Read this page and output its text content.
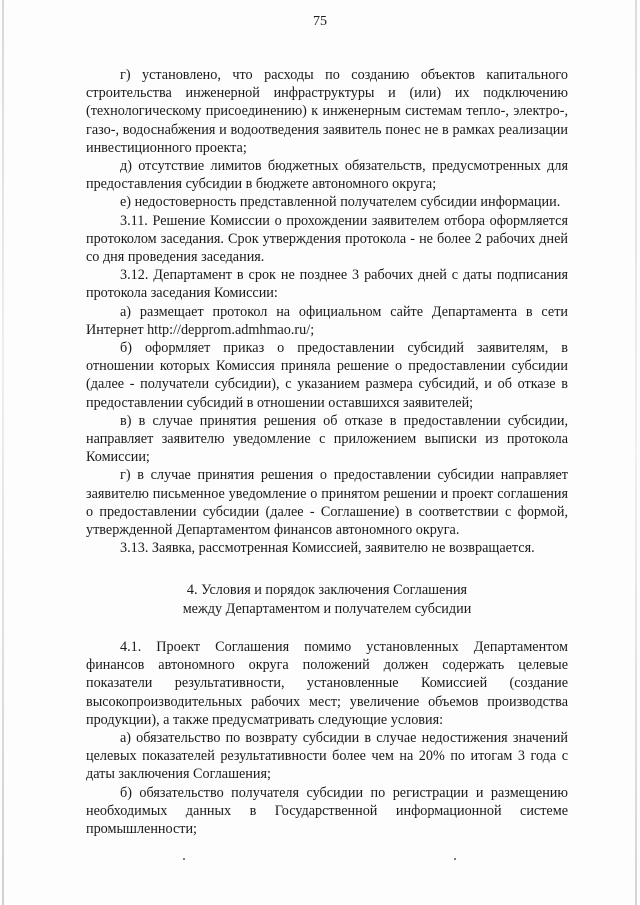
75

г) установлено, что расходы по созданию объектов капитального строительства инженерной инфраструктуры и (или) их подключению (технологическому присоединению) к инженерным системам тепло-, электро-, газо-, водоснабжения и водоотведения заявитель понес не в рамках реализации инвестиционного проекта;

д) отсутствие лимитов бюджетных обязательств, предусмотренных для предоставления субсидии в бюджете автономного округа;

е) недостоверность представленной получателем субсидии информации.

3.11. Решение Комиссии о прохождении заявителем отбора оформляется протоколом заседания. Срок утверждения протокола - не более 2 рабочих дней со дня проведения заседания.

3.12. Департамент в срок не позднее 3 рабочих дней с даты подписания протокола заседания Комиссии:

а) размещает протокол на официальном сайте Департамента в сети Интернет http://depprom.admhmao.ru/;

б) оформляет приказ о предоставлении субсидий заявителям, в отношении которых Комиссия приняла решение о предоставлении субсидии (далее - получатели субсидии), с указанием размера субсидий, и об отказе в предоставлении субсидий в отношении оставшихся заявителей;

в) в случае принятия решения об отказе в предоставлении субсидии, направляет заявителю уведомление с приложением выписки из протокола Комиссии;

г) в случае принятия решения о предоставлении субсидии направляет заявителю письменное уведомление о принятом решении и проект соглашения о предоставлении субсидии (далее - Соглашение) в соответствии с формой, утвержденной Департаментом финансов автономного округа.

3.13. Заявка, рассмотренная Комиссией, заявителю не возвращается.

4. Условия и порядок заключения Соглашения
между Департаментом и получателем субсидии

4.1. Проект Соглашения помимо установленных Департаментом финансов автономного округа положений должен содержать целевые показатели результативности, установленные Комиссией (создание высокопроизводительных рабочих мест; увеличение объемов производства продукции), а также предусматривать следующие условия:

а) обязательство по возврату субсидии в случае недостижения значений целевых показателей результативности более чем на 20% по итогам 3 года с даты заключения Соглашения;

б) обязательство получателя субсидии по регистрации и размещению необходимых данных в Государственной информационной системе промышленности;
